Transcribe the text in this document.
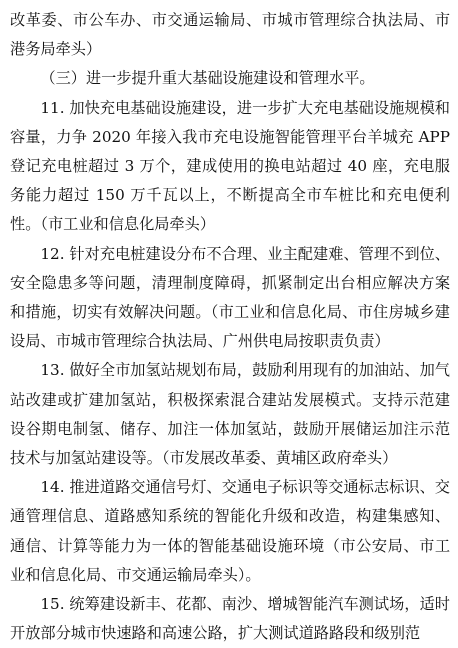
改革委、市公车办、市交通运输局、市城市管理综合执法局、市港务局牵头）

（三）进一步提升重大基础设施建设和管理水平。

11. 加快充电基础设施建设，进一步扩大充电基础设施规模和容量，力争 2020 年接入我市充电设施智能管理平台羊城充 APP 登记充电桩超过 3 万个，建成使用的换电站超过 40 座，充电服务能力超过 150 万千瓦以上，不断提高全市车桩比和充电便利性。（市工业和信息化局牵头）

12. 针对充电桩建设分布不合理、业主配建难、管理不到位、安全隐患多等问题，清理制度障碍，抓紧制定出台相应解决方案和措施，切实有效解决问题。（市工业和信息化局、市住房城乡建设局、市城市管理综合执法局、广州供电局按职责负责）

13. 做好全市加氢站规划布局，鼓励利用现有的加油站、加气站改建或扩建加氢站，积极探索混合建站发展模式。支持示范建设谷期电制氢、储存、加注一体加氢站，鼓励开展储运加注示范技术与加氢站建设等。（市发展改革委、黄埔区政府牵头）

14. 推进道路交通信号灯、交通电子标识等交通标志标识、交通管理信息、道路感知系统的智能化升级和改造，构建集感知、通信、计算等能力为一体的智能基础设施环境（市公安局、市工业和信息化局、市交通运输局牵头）。

15. 统筹建设新丰、花都、南沙、增城智能汽车测试场，适时开放部分城市快速路和高速公路，扩大测试道路路段和级别范
